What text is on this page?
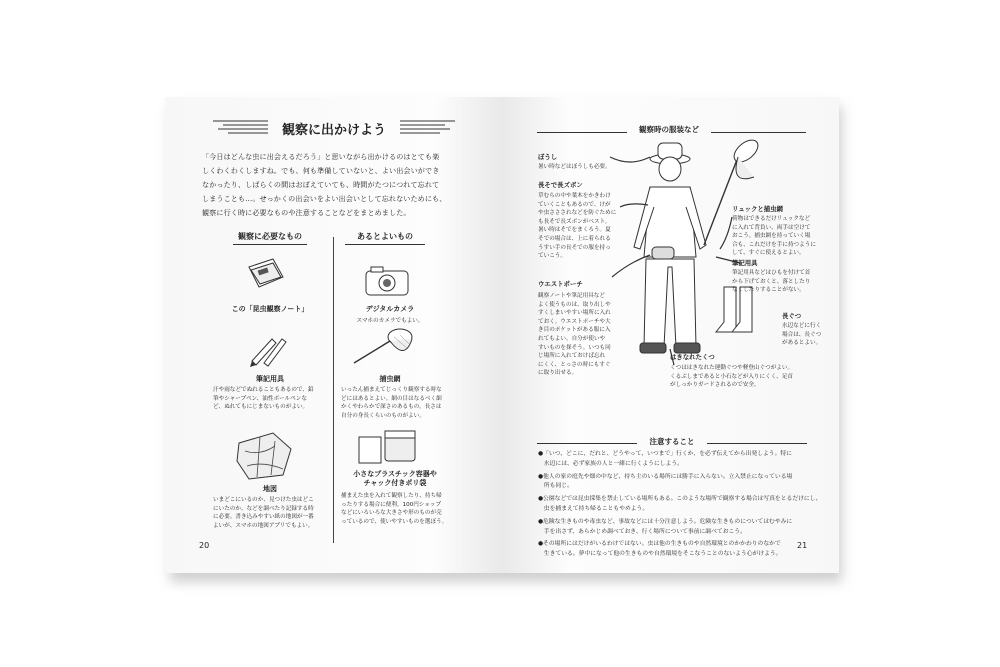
観察に出かけよう
「今日はどんな虫に出会えるだろう」と思いながら出かけるのはとても楽
しくわくわくしますね。でも、何も準備していないと、よい出会いができ
なかったり、しばらくの間はおぼえていても、時間がたつにつれて忘れて
しまうことも…。せっかくの出会いをよい出会いとして忘れないためにも、
観察に行く時に必要なものや注意することなどをまとめました。
観察に必要なもの	あるとよいもの
この「昆虫観察ノート」
筆記用具
汗や雨などでぬれることもあるので、鉛
筆やシャープペン、油性ボールペンな
ど、ぬれてもにじまないものがよい。
地図
いまどこにいるのか、見つけた虫はどこ
にいたのか、などを調べたり記録する時
に必要。書き込みやすい紙の地図が一番
よいが、スマホの地図アプリでもよい。
デジタルカメラ
スマホのカメラでもよい。
捕虫網
いったん捕まえてじっくり観察する時な
どにはあるとよい。網の目はなるべく細
かくやわらかで深さのあるもの。長さは
自分の身長くらいのものがよい。
小さなプラスチック容器や
チャック付きポリ袋
捕まえた虫を入れて観察したり、持ち帰
ったりする場合に便利。100円ショップ
などにいろいろな大きさや形のものが売
っているので、使いやすいものを選ぼう。
20
観察時の服装など
ぼうし
暑い時などはぼうしも必要。
長そで長ズボン
草むらの中や葉木をかきわけ
ていくこともあるので、けが
や虫ささされなどを防ぐために
も長そで長ズボンがベスト。
暑い時はそでをまくろう。夏
そでの場合は、上に着られる
うすい手の長そでの服を持っ
ていこう。
ウエストポーチ
観察ノートや筆記用具など
よく使うものは、取り出しや
すくしまいやすい場所に入れ
ておく。ウエストポーチや大
き目のポケットがある服に入
れてもよい。自分が使いや
すいものを探そう。いつも同
じ場所に入れておけば忘れ
にくく、とっさの時にもすぐ
に取り出せる。
リュックと捕虫網
荷物はできるだけリュックなど
に入れて背負い、両手は空けて
おこう。捕虫網を持っていく場
合も、これだけを手に持つように
して、すぐに使えるとよい。
筆記用具
筆記用具などはひもを付けて首
から下げておくと、落としたり
なくしたりすることがない。
長ぐつ
水辺などに行く
場合は、長ぐつ
があるとよい。
はきなれたくつ
くつははきなれた運動ぐつや軽登山ぐつがよい。
くるぶしまであると小石などが入りにくく、足首
がしっかりガードされるので安全。
注意すること
●「いつ、どこに、だれと、どうやって、いつまで」行くか、を必ず伝えてから出発しよう。特に
　水辺には、必ず家族の人と一緒に行くようにしよう。
●他人の家の庭先や畑の中など、持ち主のいる場所には勝手に入らない。立入禁止になっている場
　所も同じ。
●公園などでは昆虫採集を禁止している場所もある。このような場所で観察する場合は写真をとるだけにし、
　虫を捕まえて持ち帰ることもやめよう。
●危険な生きものや毒虫など、事故などには十分注意しよう。危険な生きものについてはむやみに
　手を出さず、あらかじめ調べておき、行く場所について事前に調べておこう。
●その場所にはだけがいるわけではない。虫は他の生きものや自然環境とのかかわりのなかで
　生きている。夢中になって他の生きものや自然環境をそこなうことのないよう心がけよう。
21
